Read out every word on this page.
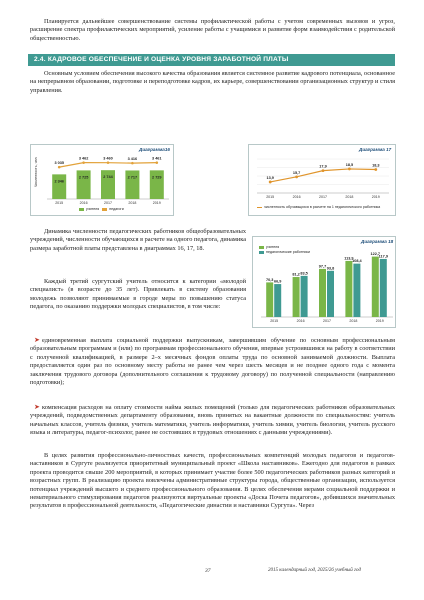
Планируется дальнейшее совершенствование системы профилактической работы с учетом современных вызовов и угроз, расширение спектра профилактических мероприятий, усиление работы с учащимися и развитие форм взаимодействия с родительской общественностью.

2.4. КАДРОВОЕ ОБЕСПЕЧЕНИЕ И ОЦЕНКА УРОВНЯ ЗАРАБОТНОЙ ПЛАТЫ

Основным условием обеспечения высокого качества образования является системное развитие кадрового потенциала, основанное на непрерывном образовании, подготовке и переподготовке кадров, их карьере, совершенствовании организационных структур и стиля управления.

Диаграмма16
Численность, чел.	2 346
2015
2 725
2016
2 744
2017
2 717
2018
2 729
2019
3 035
3 462	3 460	3 416	3 461
учителя	педагоги
Диаграмма 17
13,9
2015
15,7
2016
17,9
2017
18,5
2018
18,3
2019
численность обучающихся в расчете на 1 педагогического работника
Диаграмма 18
70,3 66,9
2015
81,2 83,5
2016
97,7 93,8
2017
113,9
108,4
2018
122,7
117,9
2019
учителя
педагогические работники

Динамика численности педагогических работников общеобразовательных учреждений, численности обучающихся в расчете на одного педагога, динамика размера заработной платы представлена в диаграммах 16, 17, 18.

Каждый третий сургутский учитель относится к категории «молодой специалист» (в возрасте до 35 лет). Привлекать в систему образования молодежь позволяют принимаемые в городе меры по повышению статуса педагога, по оказанию поддержки молодых специалистов, в том числе:

➤ единовременная выплата социальной поддержки выпускникам, завершившим обучение по основным профессиональным образовательным программам и (или) по программам профессионального обучения, впервые устроившимся на работу в соответствии с полученной квалификацией, в размере 2–х месячных фондов оплаты труда по основной занимаемой должности. Выплата предоставляется один раз по основному месту работы не ранее чем через шесть месяцев и не позднее одного года с момента заключения трудового договора (дополнительного соглашения к трудовому договору) по полученной специальности (направлению подготовки);

➤ компенсация расходов на оплату стоимости найма жилых помещений (только для педагогических работников образовательных учреждений, подведомственных департаменту образования, вновь принятых на вакантные должности по специальностям: учитель начальных классов, учитель физики, учитель математики, учитель информатики, учитель химии, учитель биологии, учитель русского языка и литературы, педагог-психолог, ранее не состоявших в трудовых отношениях с данными учреждениями).

В целях развития профессионально-личностных качеств, профессиональных компетенций молодых педагогов и педагогов-наставников в Сургуте реализуется приоритетный муниципальный проект «Школа наставников». Ежегодно для педагогов в рамках проекта проводится свыше 200 мероприятий, в которых принимает участие более 500 педагогических работников разных категорий и возрастных групп. В реализацию проекта вовлечены административные структуры города, общественные организации, используется потенциал учреждений высшего и среднего профессионального образования. В целях обеспечения мерами социальной поддержки и нематериального стимулирования педагогов реализуются виртуальные проекты «Доска Почета педагогов», добившихся значительных результатов в профессиональной деятельности, «Педагогические династии и наставники Сургута». Через

37	2015 календарный год, 2025/26 учебный год
